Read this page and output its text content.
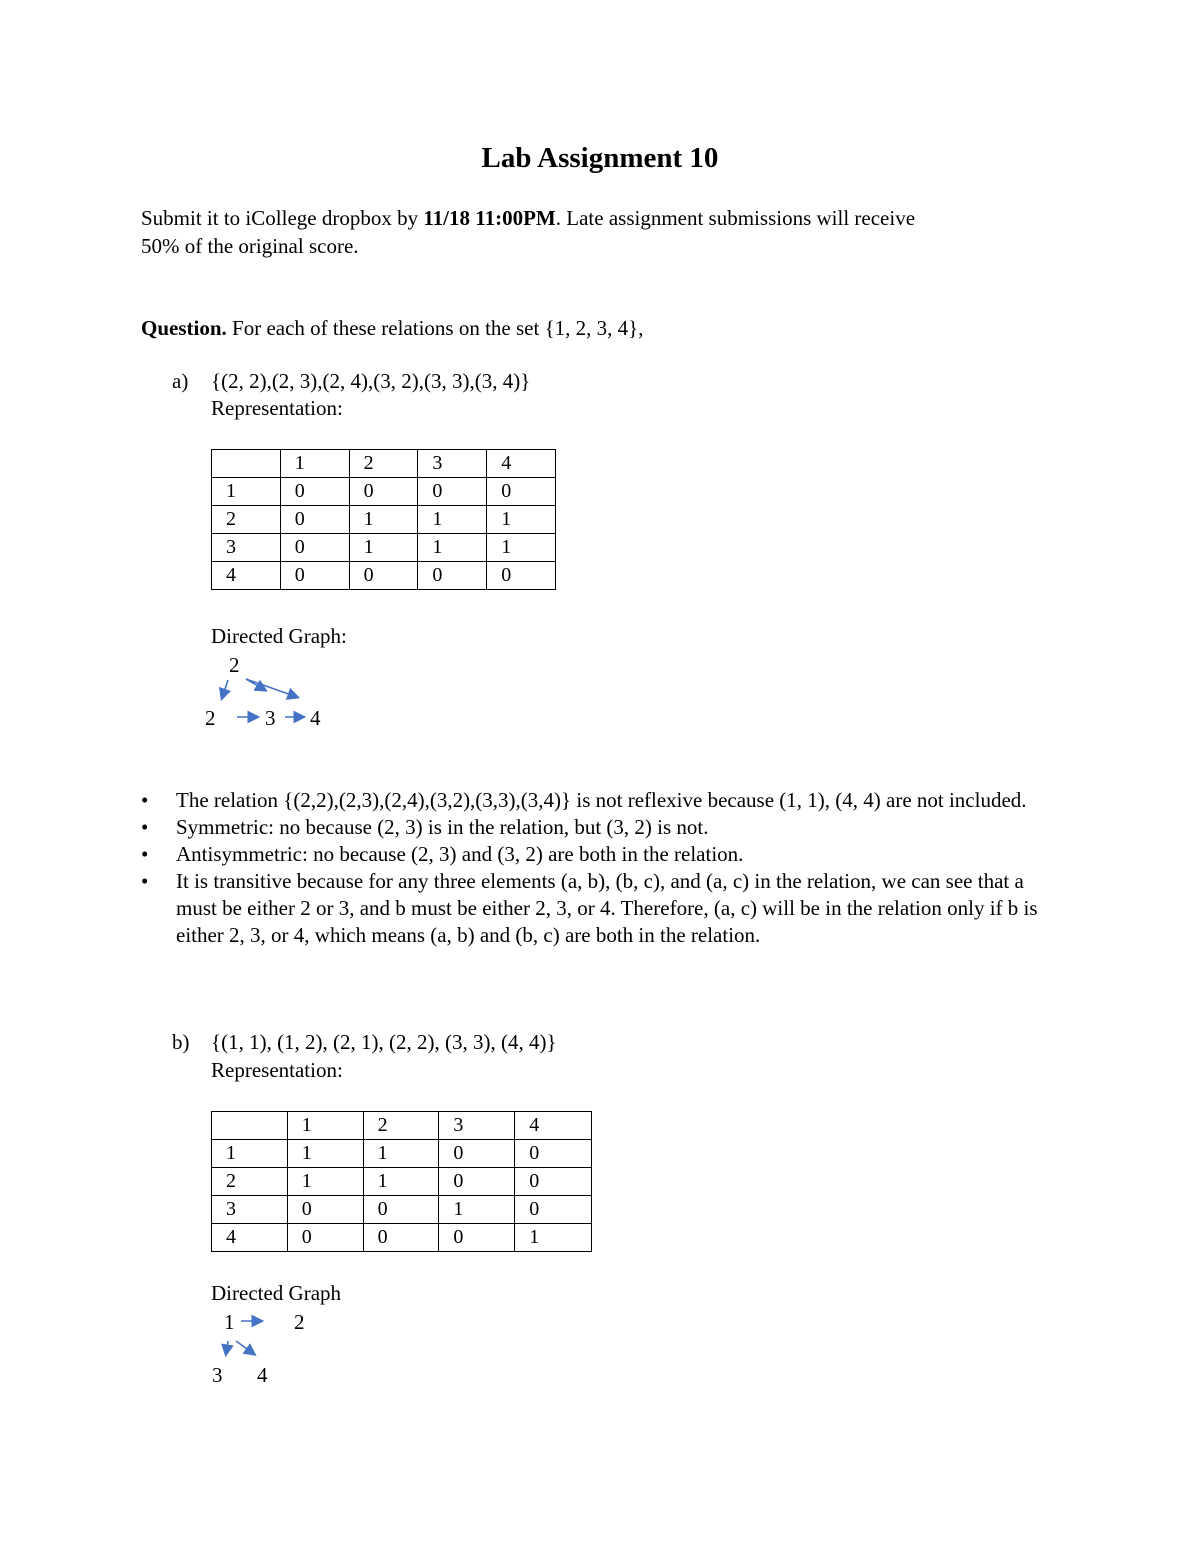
Lab Assignment 10
Submit it to iCollege dropbox by 11/18 11:00PM. Late assignment submissions will receive
50% of the original score.
Question. For each of these relations on the set {1, 2, 3, 4},
a) {(2, 2),(2, 3),(2, 4),(3, 2),(3, 3),(3, 4)}
Representation:
	1	2	3	4
1	0	0	0	0
2	0	1	1	1
3	0	1	1	1
4	0	0	0	0
Directed Graph:
2
2 3 4
• The relation {(2,2),(2,3),(2,4),(3,2),(3,3),(3,4)} is not reflexive because (1, 1), (4, 4) are not included.
• Symmetric: no because (2, 3) is in the relation, but (3, 2) is not.
• Antisymmetric: no because (2, 3) and (3, 2) are both in the relation.
• It is transitive because for any three elements (a, b), (b, c), and (a, c) in the relation, we can see that a must be either 2 or 3, and b must be either 2, 3, or 4. Therefore, (a, c) will be in the relation only if b is either 2, 3, or 4, which means (a, b) and (b, c) are both in the relation.
b) {(1, 1), (1, 2), (2, 1), (2, 2), (3, 3), (4, 4)}
Representation:
	1	2	3	4
1	1	1	0	0
2	1	1	0	0
3	0	0	1	0
4	0	0	0	1
Directed Graph
1	2
3 4
